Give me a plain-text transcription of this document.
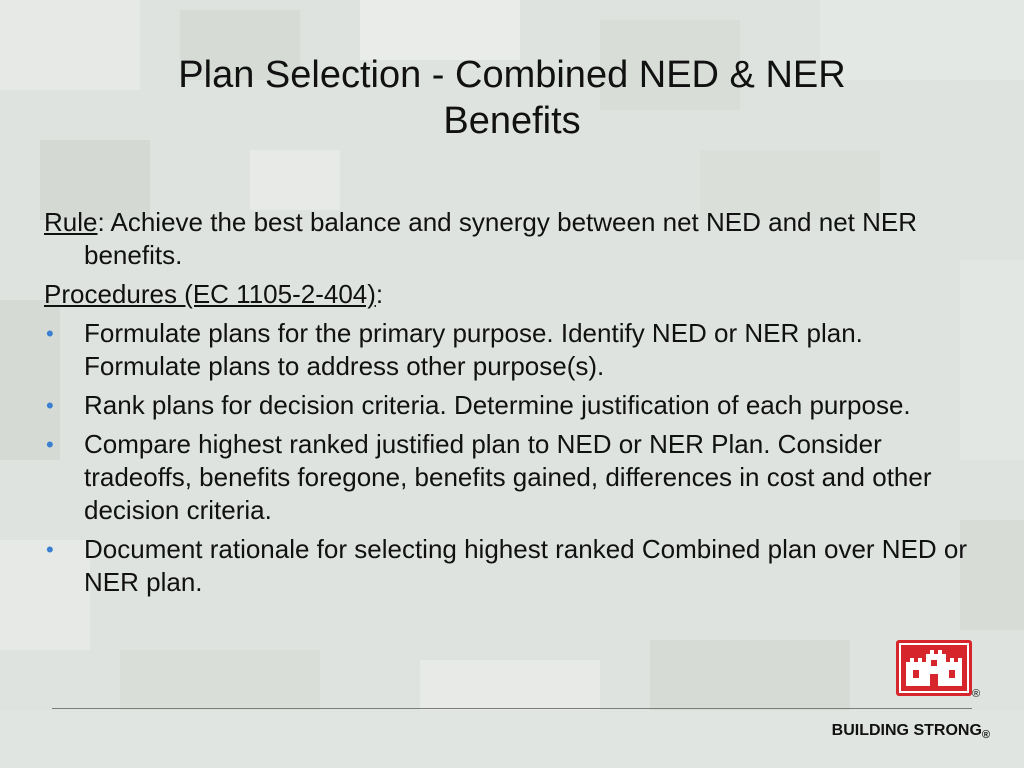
Plan Selection - Combined NED & NER
Benefits

Rule: Achieve the best balance and synergy between net NED and net NER benefits.

Procedures (EC 1105-2-404):

• Formulate plans for the primary purpose. Identify NED or NER plan. Formulate plans to address other purpose(s).
• Rank plans for decision criteria. Determine justification of each purpose.
• Compare highest ranked justified plan to NED or NER Plan. Consider tradeoffs, benefits foregone, benefits gained, differences in cost and other decision criteria.
• Document rationale for selecting highest ranked Combined plan over NED or NER plan.
®
BUILDING $STRONG_®$
